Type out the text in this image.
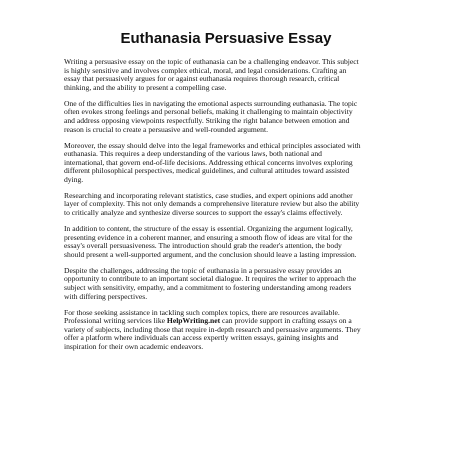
Euthanasia Persuasive Essay

Writing a persuasive essay on the topic of euthanasia can be a challenging endeavor. This subject
is highly sensitive and involves complex ethical, moral, and legal considerations. Crafting an
essay that persuasively argues for or against euthanasia requires thorough research, critical
thinking, and the ability to present a compelling case.

One of the difficulties lies in navigating the emotional aspects surrounding euthanasia. The topic
often evokes strong feelings and personal beliefs, making it challenging to maintain objectivity
and address opposing viewpoints respectfully. Striking the right balance between emotion and
reason is crucial to create a persuasive and well-rounded argument.

Moreover, the essay should delve into the legal frameworks and ethical principles associated with
euthanasia. This requires a deep understanding of the various laws, both national and
international, that govern end-of-life decisions. Addressing ethical concerns involves exploring
different philosophical perspectives, medical guidelines, and cultural attitudes toward assisted
dying.

Researching and incorporating relevant statistics, case studies, and expert opinions add another
layer of complexity. This not only demands a comprehensive literature review but also the ability
to critically analyze and synthesize diverse sources to support the essay's claims effectively.

In addition to content, the structure of the essay is essential. Organizing the argument logically,
presenting evidence in a coherent manner, and ensuring a smooth flow of ideas are vital for the
essay's overall persuasiveness. The introduction should grab the reader's attention, the body
should present a well-supported argument, and the conclusion should leave a lasting impression.

Despite the challenges, addressing the topic of euthanasia in a persuasive essay provides an
opportunity to contribute to an important societal dialogue. It requires the writer to approach the
subject with sensitivity, empathy, and a commitment to fostering understanding among readers
with differing perspectives.

For those seeking assistance in tackling such complex topics, there are resources available.
Professional writing services like HelpWriting.net can provide support in crafting essays on a
variety of subjects, including those that require in-depth research and persuasive arguments. They
offer a platform where individuals can access expertly written essays, gaining insights and
inspiration for their own academic endeavors.
